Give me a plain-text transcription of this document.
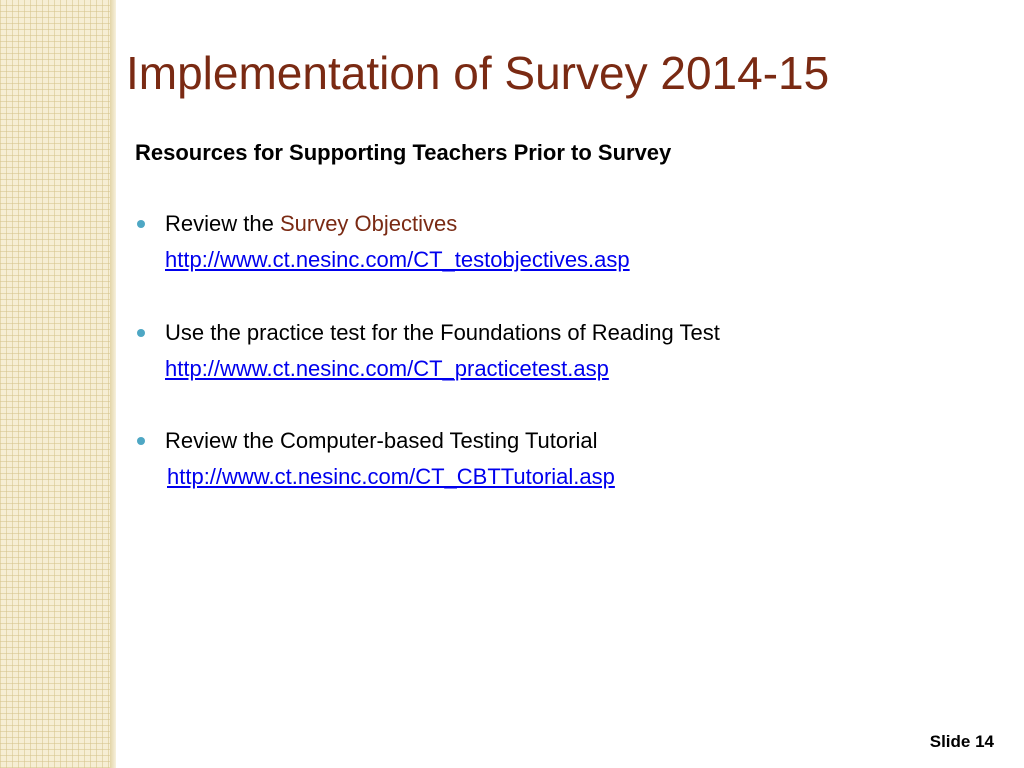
Implementation of Survey 2014-15
Resources for Supporting Teachers Prior to Survey
Review the Survey Objectives
http://www.ct.nesinc.com/CT_testobjectives.asp
Use the practice test for the Foundations of Reading Test
http://www.ct.nesinc.com/CT_practicetest.asp
Review the Computer-based Testing Tutorial
http://www.ct.nesinc.com/CT_CBTTutorial.asp
Slide 14
